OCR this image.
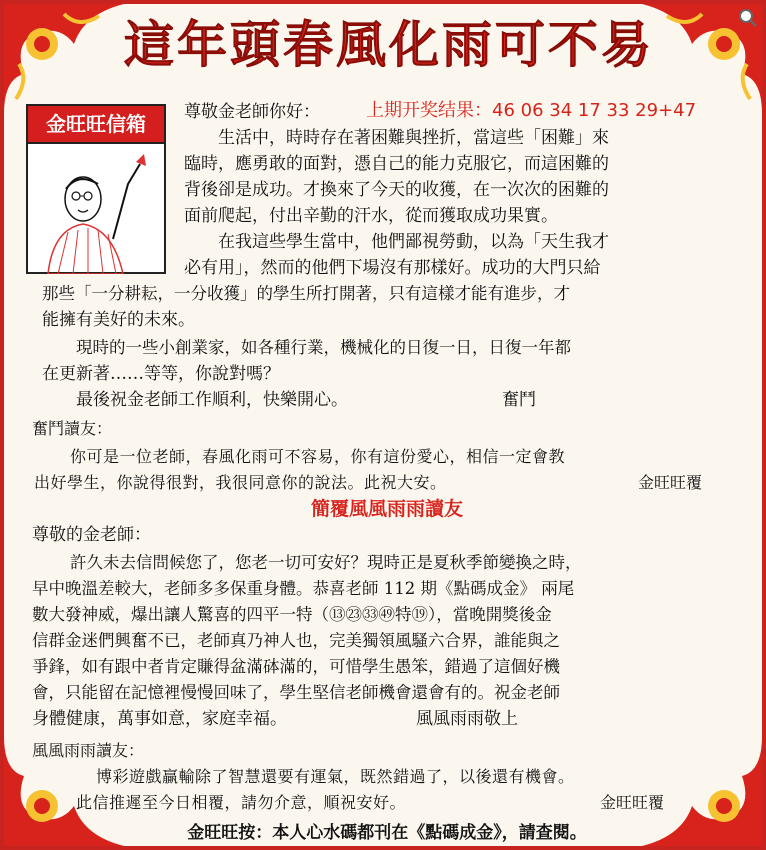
這年頭春風化雨可不易
金旺旺信箱	尊敬金老師你好：	上期开奖结果：46 06 34 17 33 29+47
生活中，時時存在著困難與挫折，當這些「困難」來
臨時，應勇敢的面對，憑自己的能力克服它，而這困難的
背後卻是成功。才換來了今天的收獲，在一次次的困難的
面前爬起，付出辛勤的汗水，從而獲取成功果實。
在我這些學生當中，他們鄙視勞動，以為「天生我才
必有用」，然而的他們下場沒有那樣好。成功的大門只給
那些「一分耕耘，一分收獲」的學生所打開著，只有這樣才能有進步，才
能擁有美好的未來。
現時的一些小創業家，如各種行業，機械化的日復一日，日復一年都
在更新著……等等，你說對嗎？
最後祝金老師工作順利，快樂開心。	奮鬥
奮鬥讀友：
你可是一位老師，春風化雨可不容易，你有這份愛心，相信一定會教
出好學生，你說得很對，我很同意你的說法。此祝大安。	金旺旺覆
簡覆風風雨雨讀友
尊敬的金老師：
許久未去信問候您了，您老一切可安好？現時正是夏秋季節變換之時，
早中晚溫差較大，老師多多保重身體。恭喜老師 112 期《點碼成金》 兩尾
數大發神威，爆出讓人驚喜的四平一特（⑬㉓㉝㊾特⑲），當晚開獎後金
信群金迷們興奮不已，老師真乃神人也，完美獨領風騷六合界，誰能與之
爭鋒，如有跟中者肯定賺得盆滿砵滿的，可惜學生愚笨，錯過了這個好機
會，只能留在記憶裡慢慢回味了，學生堅信老師機會還會有的。祝金老師
身體健康，萬事如意，家庭幸福。	風風雨雨敬上
風風雨雨讀友：
博彩遊戲贏輸除了智慧還要有運氣，既然錯過了，以後還有機會。
此信推遲至今日相覆，請勿介意，順祝安好。	金旺旺覆
金旺旺按：本人心水碼都刊在《點碼成金》，請查閱。
